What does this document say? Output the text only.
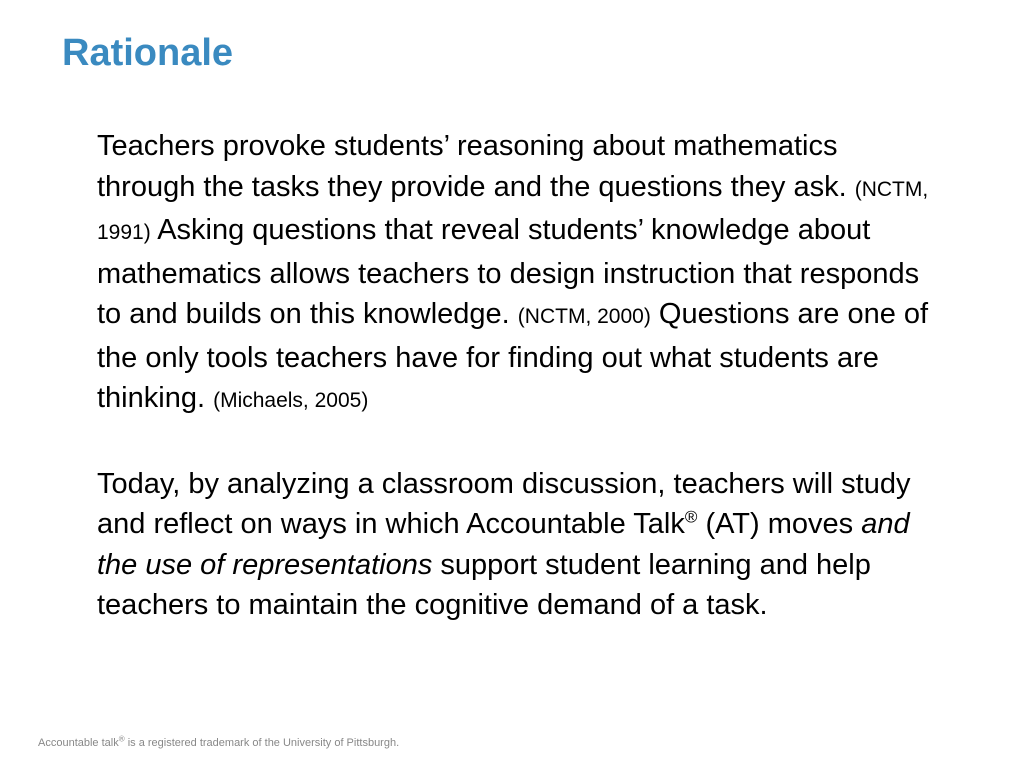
Rationale

Teachers provoke students’ reasoning about mathematics through the tasks they provide and the questions they ask. (NCTM, 1991) Asking questions that reveal students’ knowledge about mathematics allows teachers to design instruction that responds to and builds on this knowledge. (NCTM, 2000) Questions are one of the only tools teachers have for finding out what students are thinking. (Michaels, 2005)

Today, by analyzing a classroom discussion, teachers will study and reflect on ways in which Accountable Talk® (AT) moves and the use of representations support student learning and help teachers to maintain the cognitive demand of a task.

Accountable talk® is a registered trademark of the University of Pittsburgh.
